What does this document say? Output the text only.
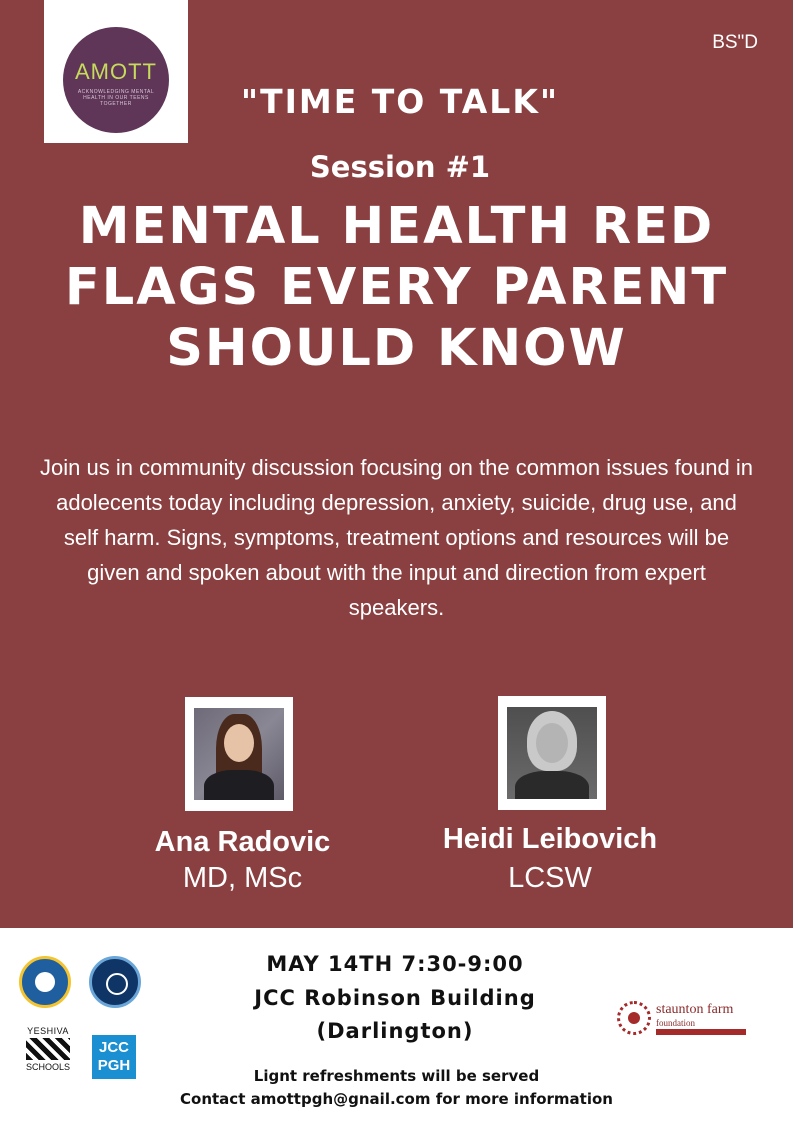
AMOTT
ACKNOWLEDGING MENTAL HEALTH IN OUR TEENS TOGETHER
BS"D
"TIME TO TALK"
Session #1
MENTAL HEALTH RED FLAGS EVERY PARENT SHOULD KNOW
Join us in community discussion focusing on the common issues found in adolecents today including depression, anxiety, suicide, drug use, and self harm. Signs, symptoms, treatment options and resources will be given and spoken about with the input and direction from expert speakers.
Ana Radovic
MD, MSc
Heidi Leibovich
LCSW
YESHIVA
SCHOOLS
JCC PGH
MAY 14TH 7:30-9:00
JCC Robinson Building
(Darlington)
staunton farm
foundation
Lignt refreshments will be served
Contact amottpgh@gnail.com for more information
